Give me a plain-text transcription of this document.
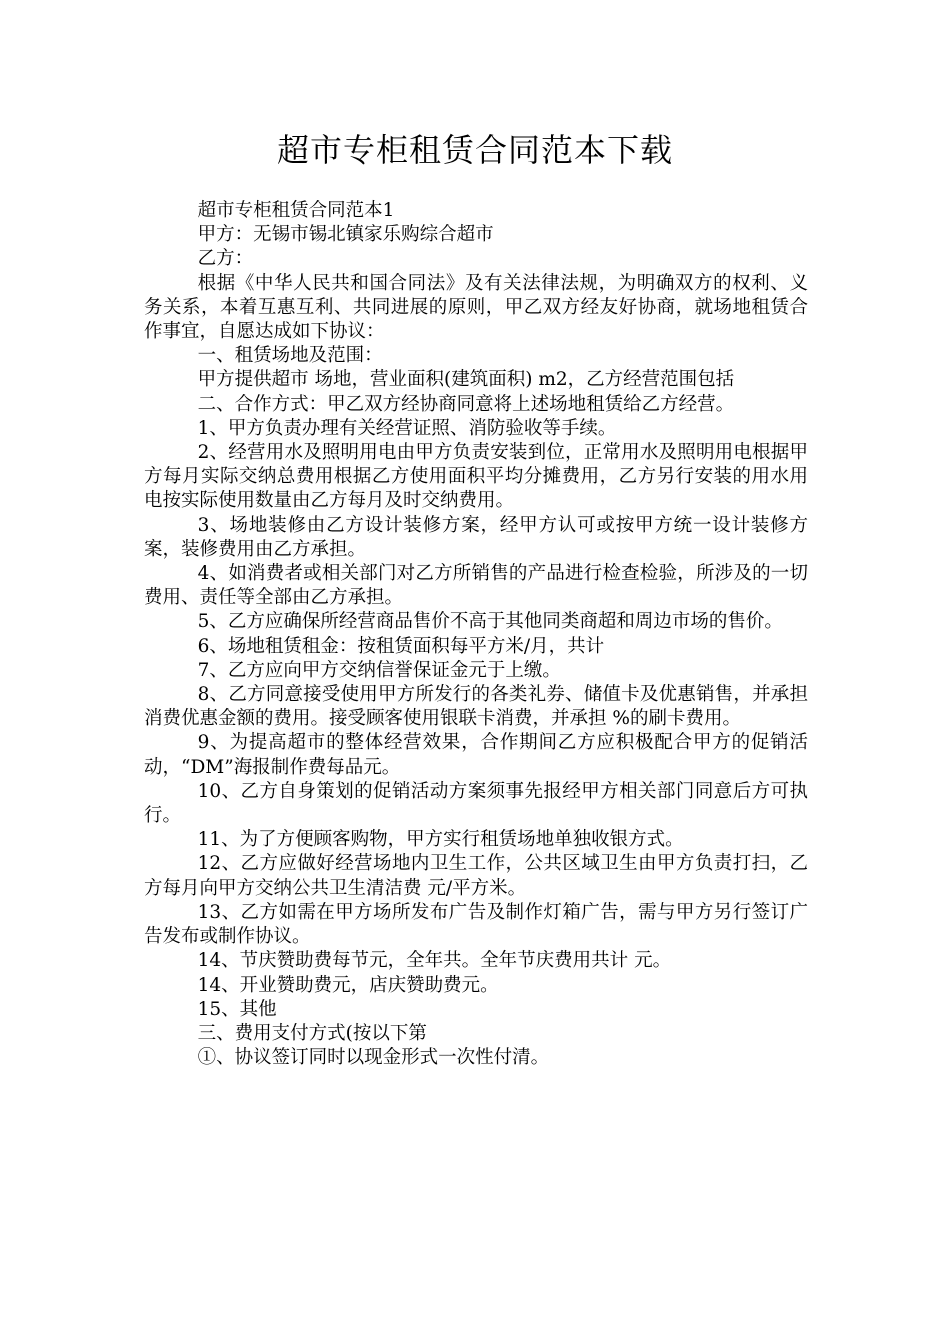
超市专柜租赁合同范本下载

超市专柜租赁合同范本1

甲方：无锡市锡北镇家乐购综合超市

乙方：

根据《中华人民共和国合同法》及有关法律法规，为明确双方的权利、义务关系，本着互惠互利、共同进展的原则，甲乙双方经友好协商，就场地租赁合作事宜，自愿达成如下协议：

一、租赁场地及范围：

甲方提供超市 场地，营业面积(建筑面积) m2，乙方经营范围包括

二、合作方式：甲乙双方经协商同意将上述场地租赁给乙方经营。

1、甲方负责办理有关经营证照、消防验收等手续。

2、经营用水及照明用电由甲方负责安装到位，正常用水及照明用电根据甲方每月实际交纳总费用根据乙方使用面积平均分摊费用，乙方另行安装的用水用电按实际使用数量由乙方每月及时交纳费用。

3、场地装修由乙方设计装修方案，经甲方认可或按甲方统一设计装修方案，装修费用由乙方承担。

4、如消费者或相关部门对乙方所销售的产品进行检查检验，所涉及的一切费用、责任等全部由乙方承担。

5、乙方应确保所经营商品售价不高于其他同类商超和周边市场的售价。

6、场地租赁租金：按租赁面积每平方米/月，共计

7、乙方应向甲方交纳信誉保证金元于上缴。

8、乙方同意接受使用甲方所发行的各类礼券、储值卡及优惠销售，并承担消费优惠金额的费用。接受顾客使用银联卡消费，并承担 %的刷卡费用。

9、为提高超市的整体经营效果，合作期间乙方应积极配合甲方的促销活动，“DM”海报制作费每品元。

10、乙方自身策划的促销活动方案须事先报经甲方相关部门同意后方可执行。

11、为了方便顾客购物，甲方实行租赁场地单独收银方式。

12、乙方应做好经营场地内卫生工作，公共区域卫生由甲方负责打扫，乙方每月向甲方交纳公共卫生清洁费 元/平方米。

13、乙方如需在甲方场所发布广告及制作灯箱广告，需与甲方另行签订广告发布或制作协议。

14、节庆赞助费每节元，全年共。全年节庆费用共计 元。

14、开业赞助费元，店庆赞助费元。

15、其他

三、费用支付方式(按以下第

①、协议签订同时以现金形式一次性付清。
